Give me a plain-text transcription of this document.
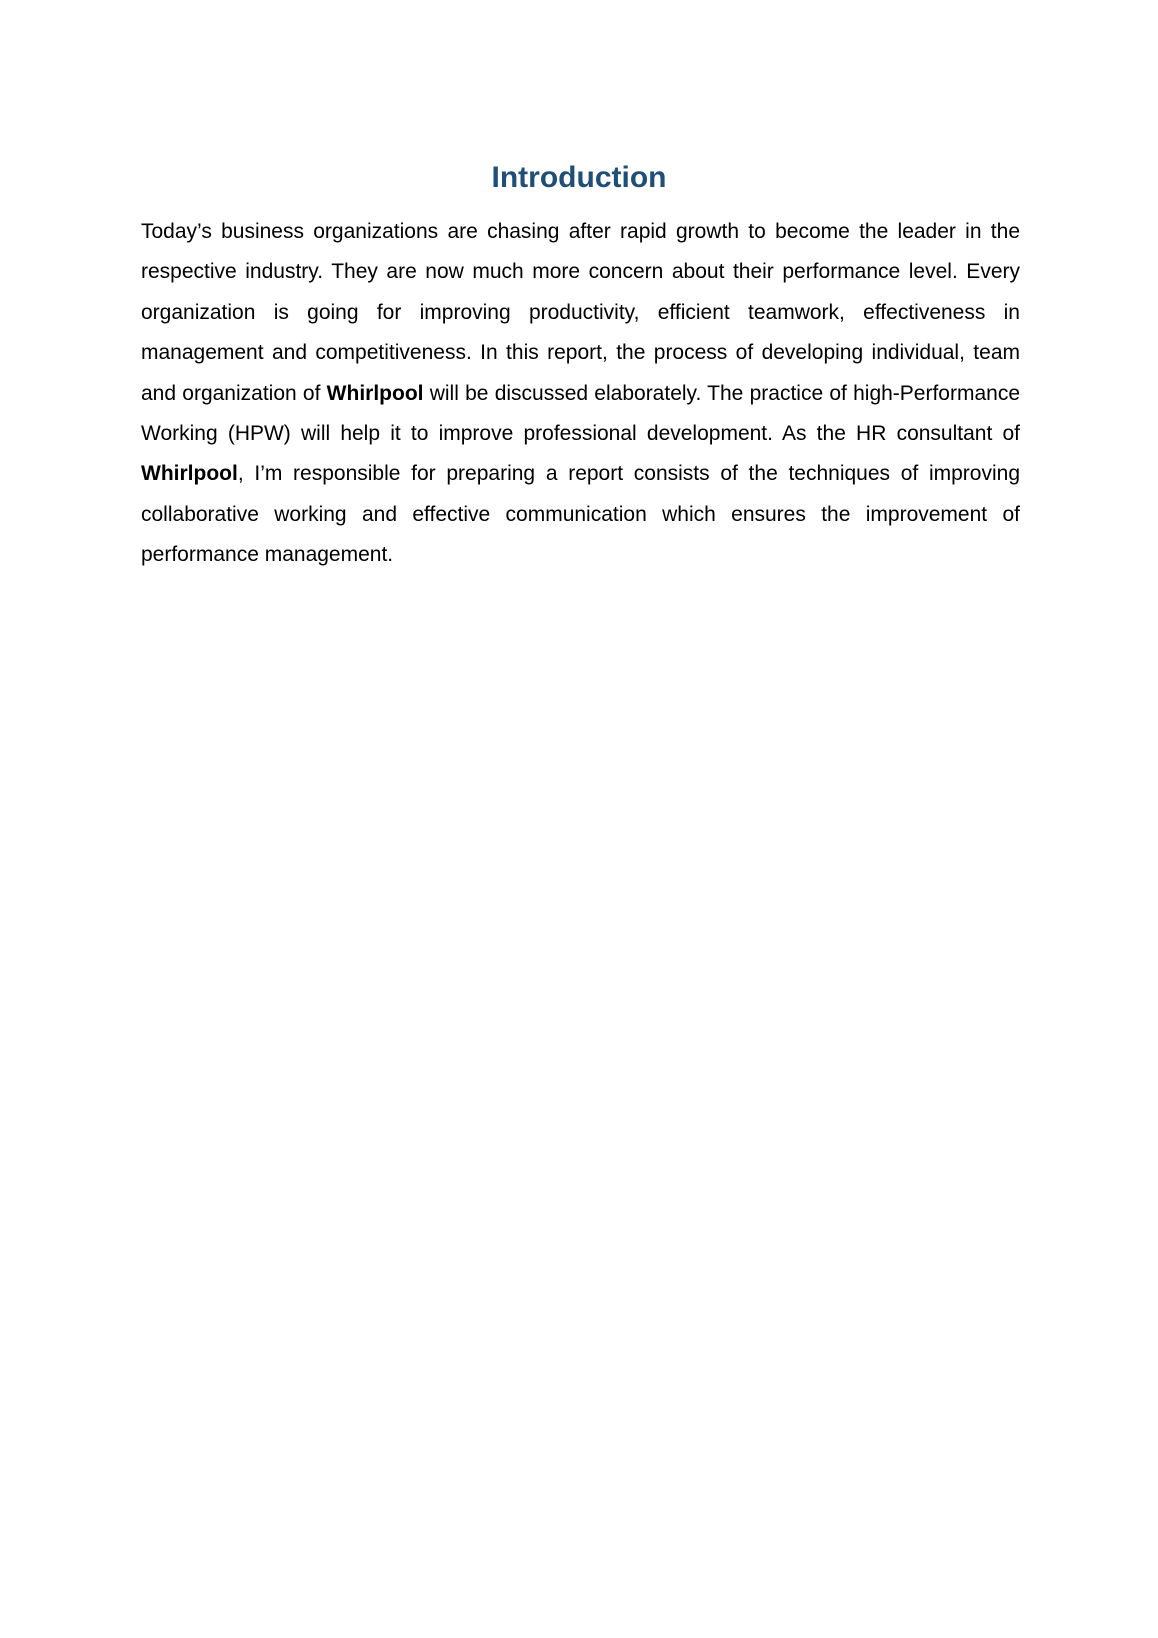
Introduction

Today’s business organizations are chasing after rapid growth to become the leader in the respective industry. They are now much more concern about their performance level. Every organization is going for improving productivity, efficient teamwork, effectiveness in management and competitiveness. In this report, the process of developing individual, team and organization of Whirlpool will be discussed elaborately. The practice of high-Performance Working (HPW) will help it to improve professional development. As the HR consultant of Whirlpool, I’m responsible for preparing a report consists of the techniques of improving collaborative working and effective communication which ensures the improvement of performance management.
